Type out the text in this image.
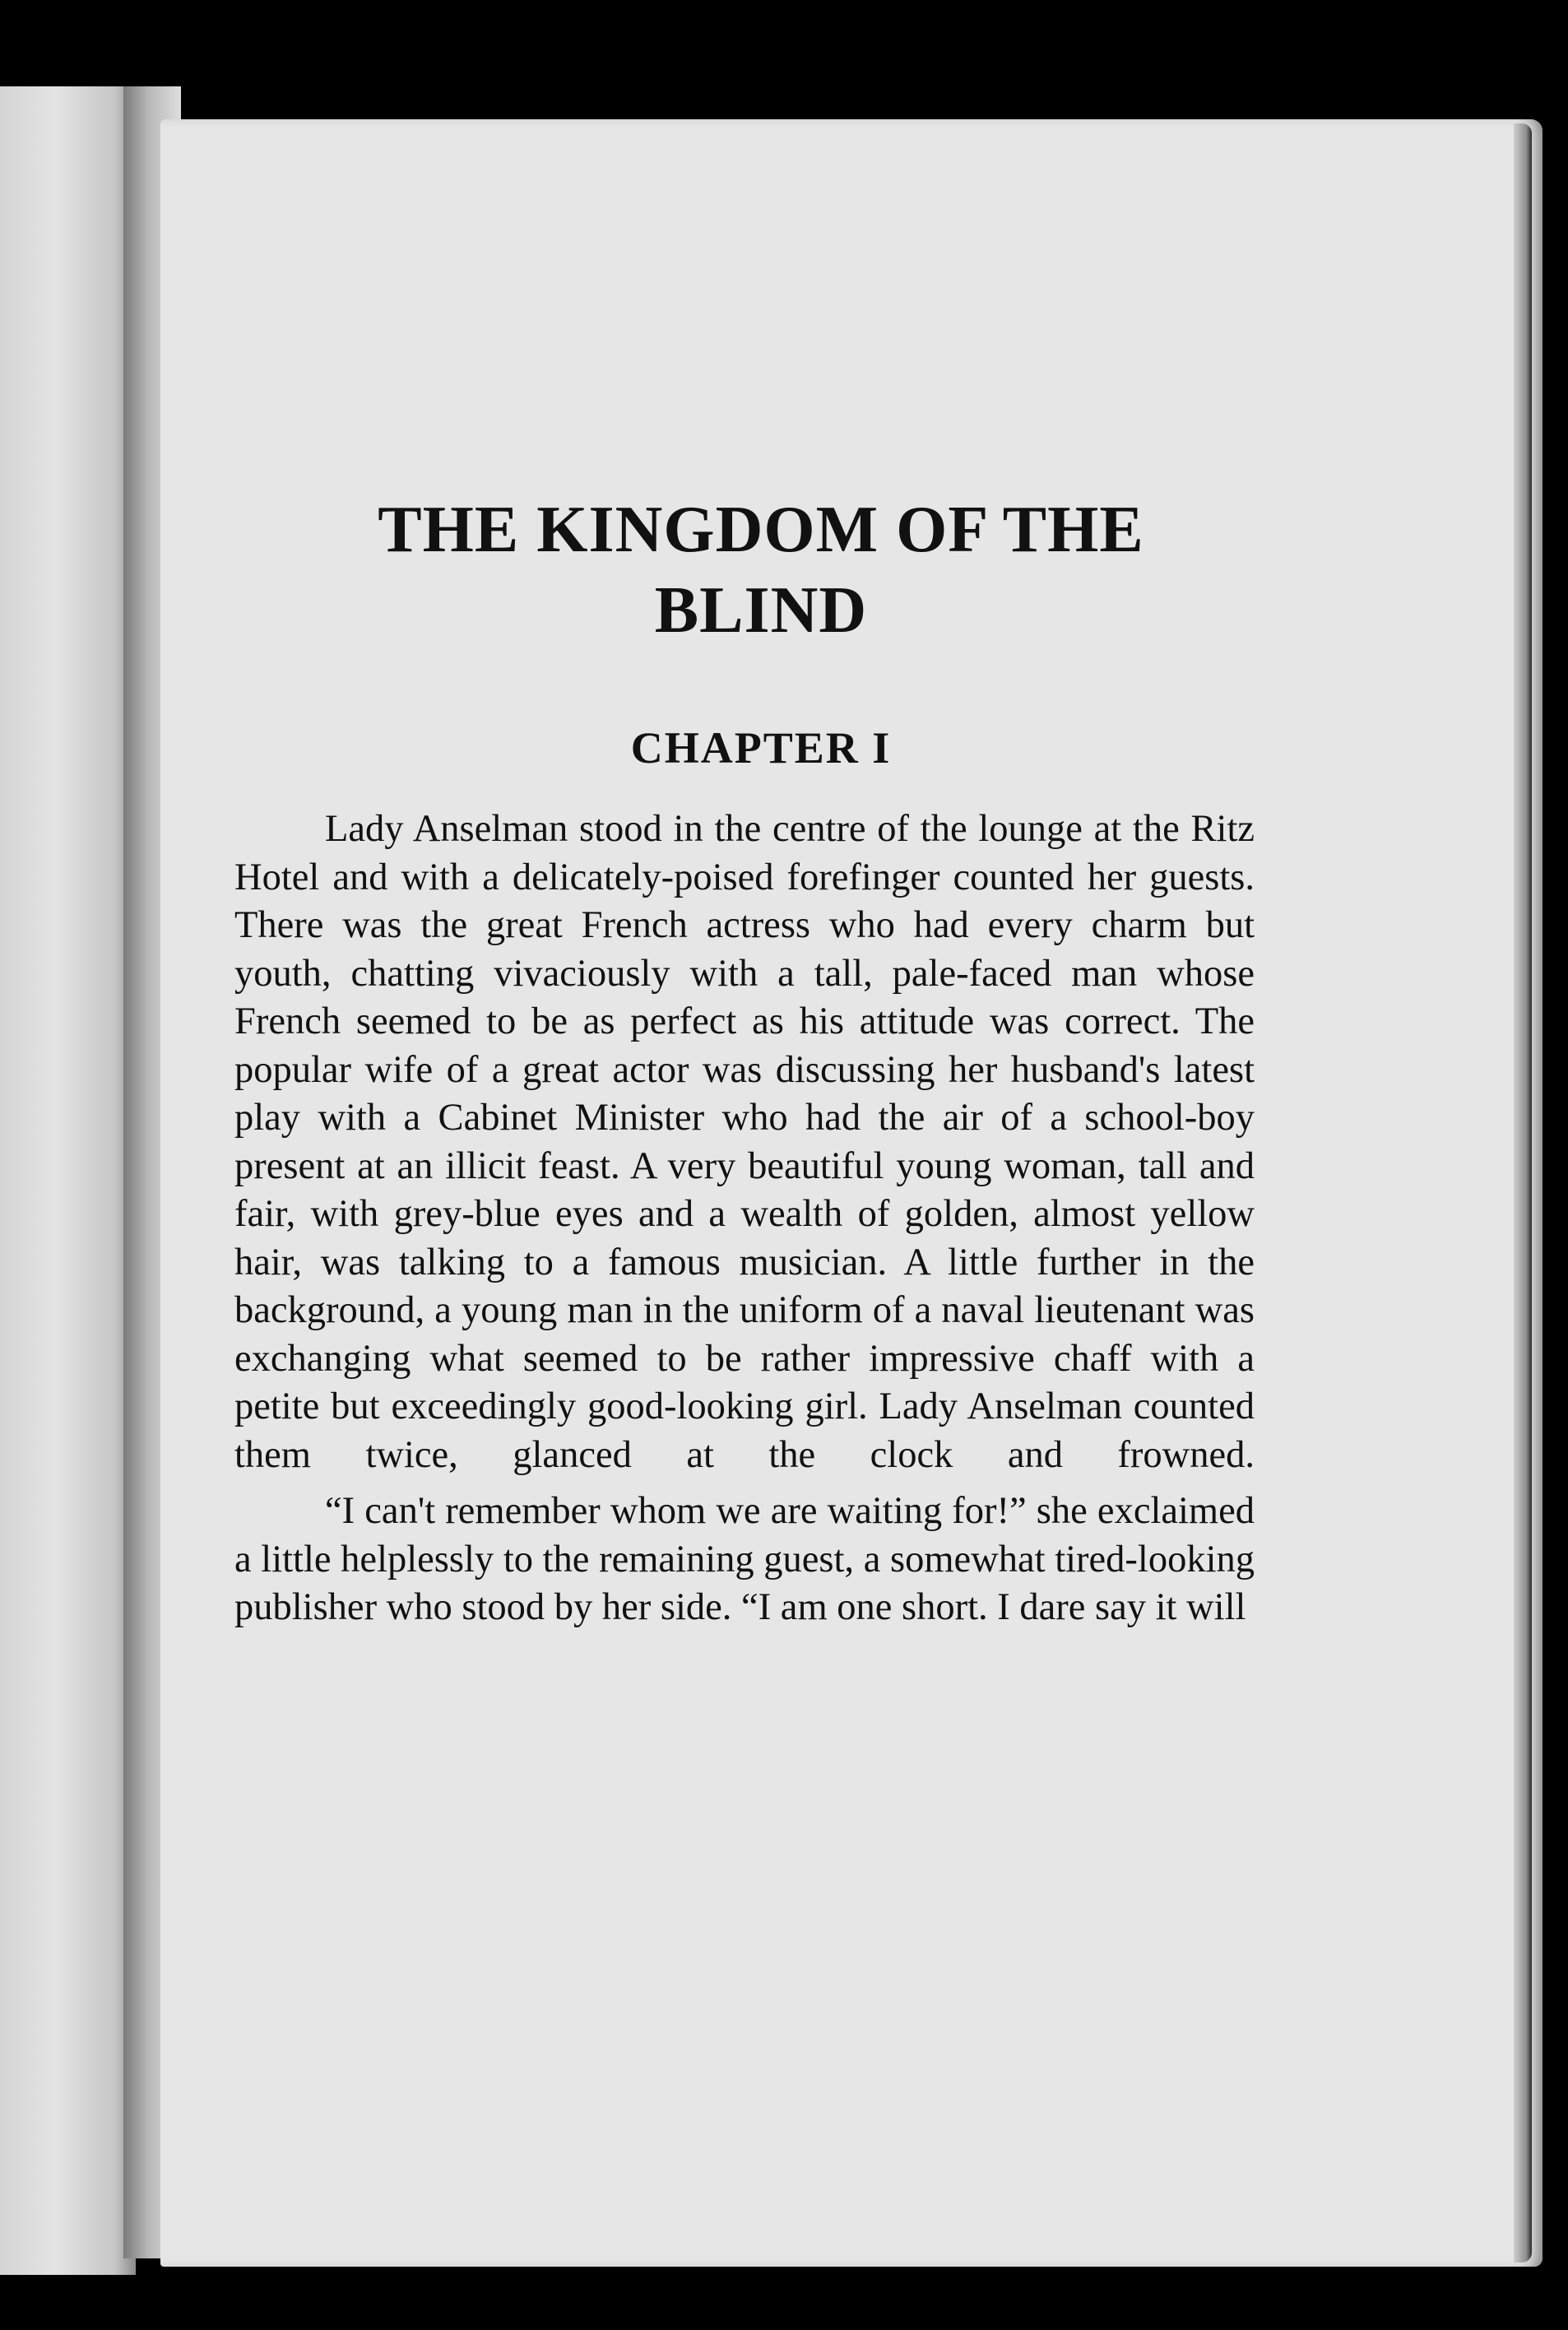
THE KINGDOM OF THE BLIND
CHAPTER I

Lady Anselman stood in the centre of the lounge at the Ritz Hotel and with a delicately-poised forefinger counted her guests. There was the great French actress who had every charm but youth, chatting vivaciously with a tall, pale-faced man whose French seemed to be as perfect as his attitude was correct. The popular wife of a great actor was discussing her husband's latest play with a Cabinet Minister who had the air of a school-boy present at an illicit feast. A very beautiful young woman, tall and fair, with grey-blue eyes and a wealth of golden, almost yellow hair, was talking to a famous musician. A little further in the background, a young man in the uniform of a naval lieutenant was exchanging what seemed to be rather impressive chaff with a petite but exceedingly good-looking girl. Lady Anselman counted them twice, glanced at the clock and frowned.

“I can't remember whom we are waiting for!” she exclaimed a little helplessly to the remaining guest, a somewhat tired-looking publisher who stood by her side. “I am one short. I dare say it will
